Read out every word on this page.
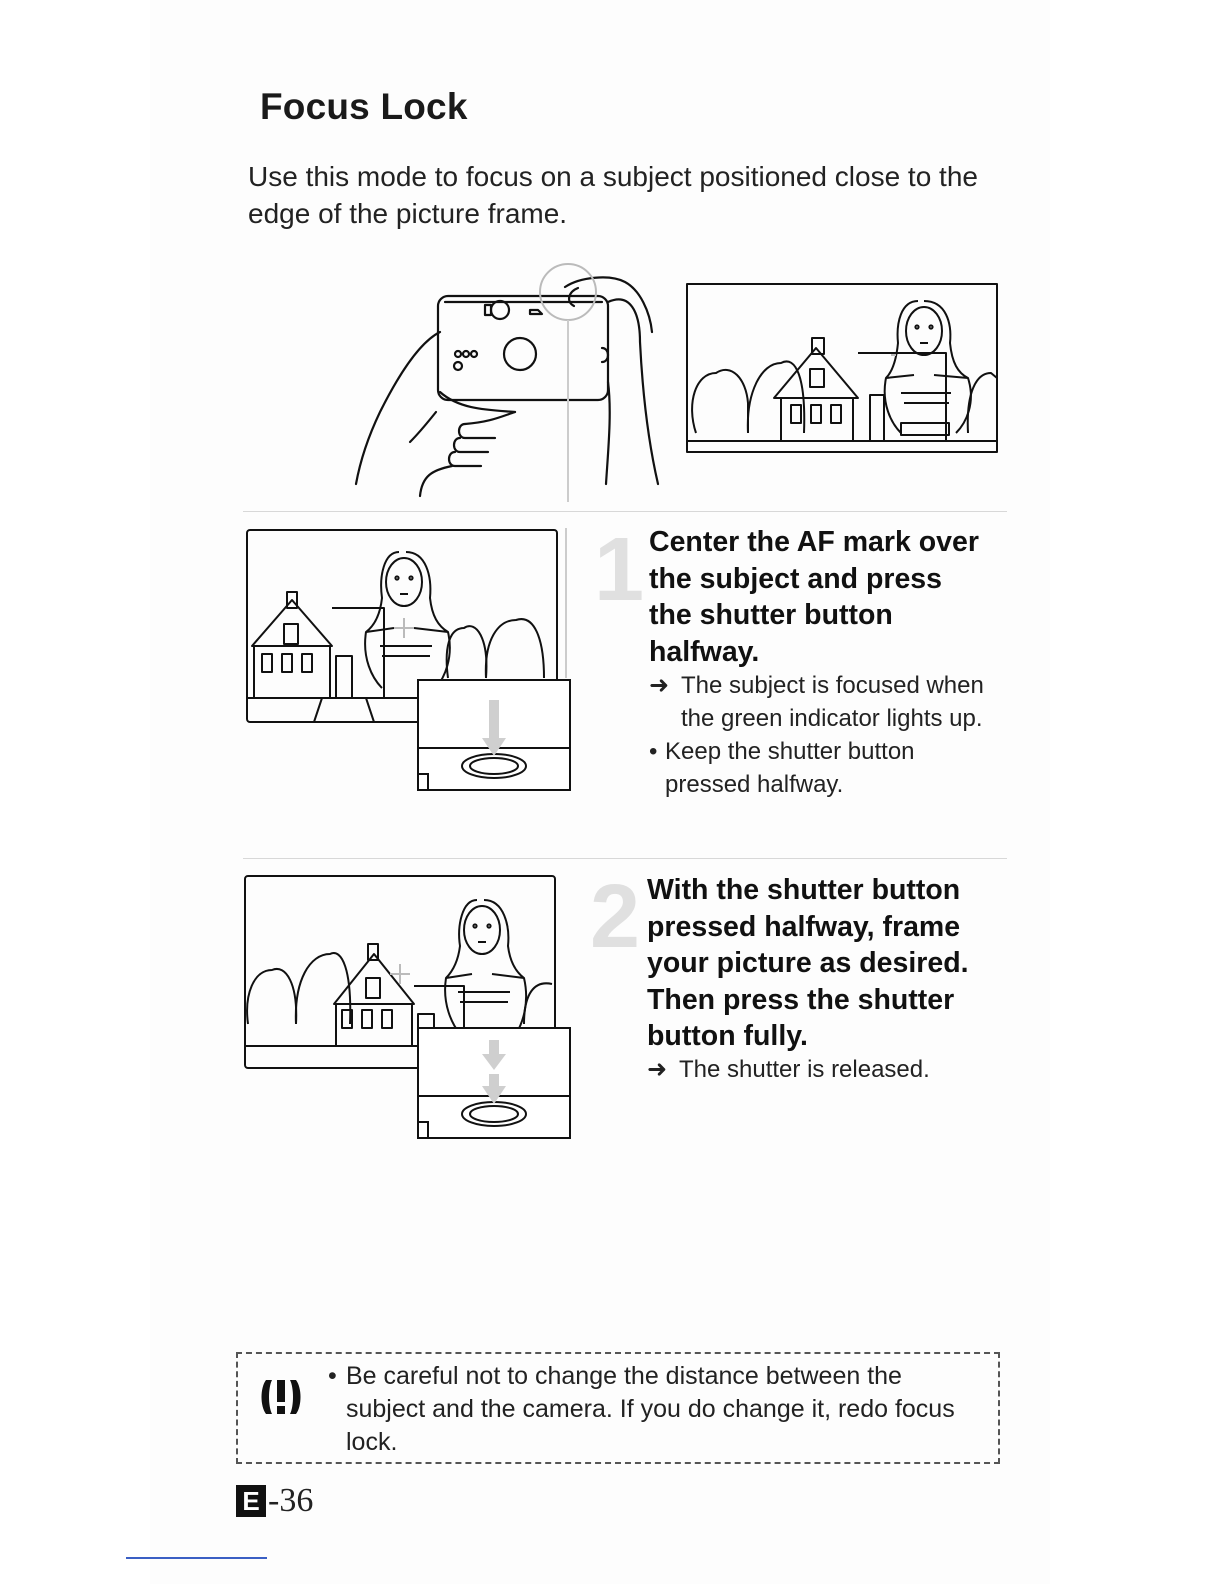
Focus Lock

Use this mode to focus on a subject positioned close to the edge of the picture frame.

1 Center the AF mark over the subject and press the shutter button halfway.
➜ The subject is focused when the green indicator lights up.
• Keep the shutter button pressed halfway.
2 With the shutter button pressed halfway, frame your picture as desired. Then press the shutter button fully.
➜ The shutter is released.
• Be careful not to change the distance between the subject and the camera. If you do change it, redo focus lock.
E -36
